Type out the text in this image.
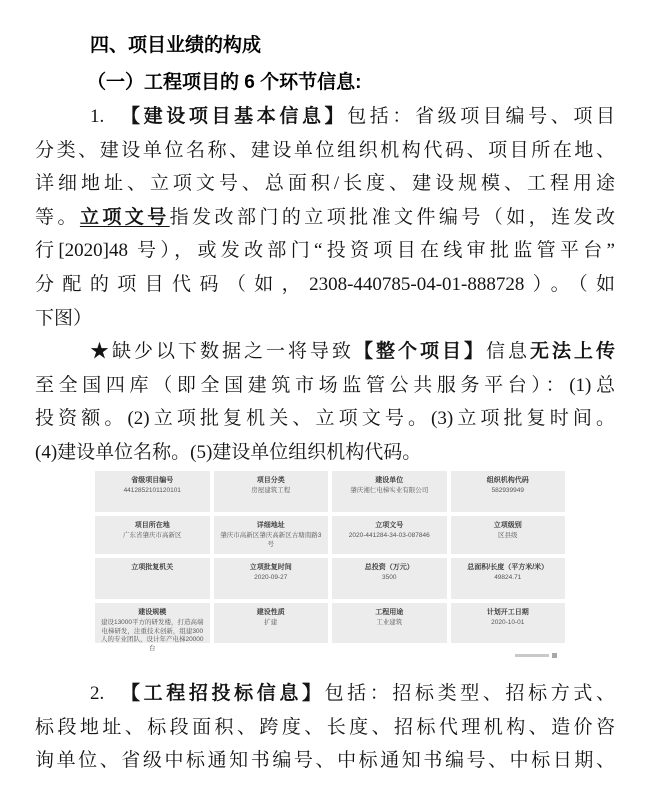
四、项目业绩的构成
（一）工程项目的 6 个环节信息:
1.　【建设项目基本信息】包括：省级项目编号、项目
分类、建设单位名称、建设单位组织机构代码、项目所在地、
详细地址、立项文号、总面积/长度、建设规模、工程用途
等。立项文号指发改部门的立项批准文件编号（如，连发改
行[2020]48 号），或发改部门“投资项目在线审批监管平台”
分配的项目代码（如，2308-440785-04-01-888728）。（如
下图）
★缺少以下数据之一将导致【整个项目】信息无法上传
至全国四库（即全国建筑市场监管公共服务平台）：(1)总
投资额。(2)立项批复机关、立项文号。(3)立项批复时间。
(4)建设单位名称。(5)建设单位组织机构代码。
省级项目编号
4412852101120101
项目分类
房屋建筑工程
建设单位
肇庆湘仁电梯实业有限公司
组织机构代码
582939949
项目所在地
广东省肇庆市高新区
详细地址
肇庆市高新区肇庆高新区古塘南路3号
立项文号
2020-441284-34-03-087846
立项级别
区县级
立项批复机关	立项批复时间
2020-09-27
总投资（万元）
3500
总面积/长度（平方米/米）
49824.71
建设规模
建设13000平方的研发楼，打造高端电梯研发，注重技术创新，组建300人的专业团队，设计年产电梯20000台
建设性质
扩建
工程用途
工业建筑
计划开工日期
2020-10-01
2.　【工程招投标信息】包括：招标类型、招标方式、
标段地址、标段面积、跨度、长度、招标代理机构、造价咨
询单位、省级中标通知书编号、中标通知书编号、中标日期、
